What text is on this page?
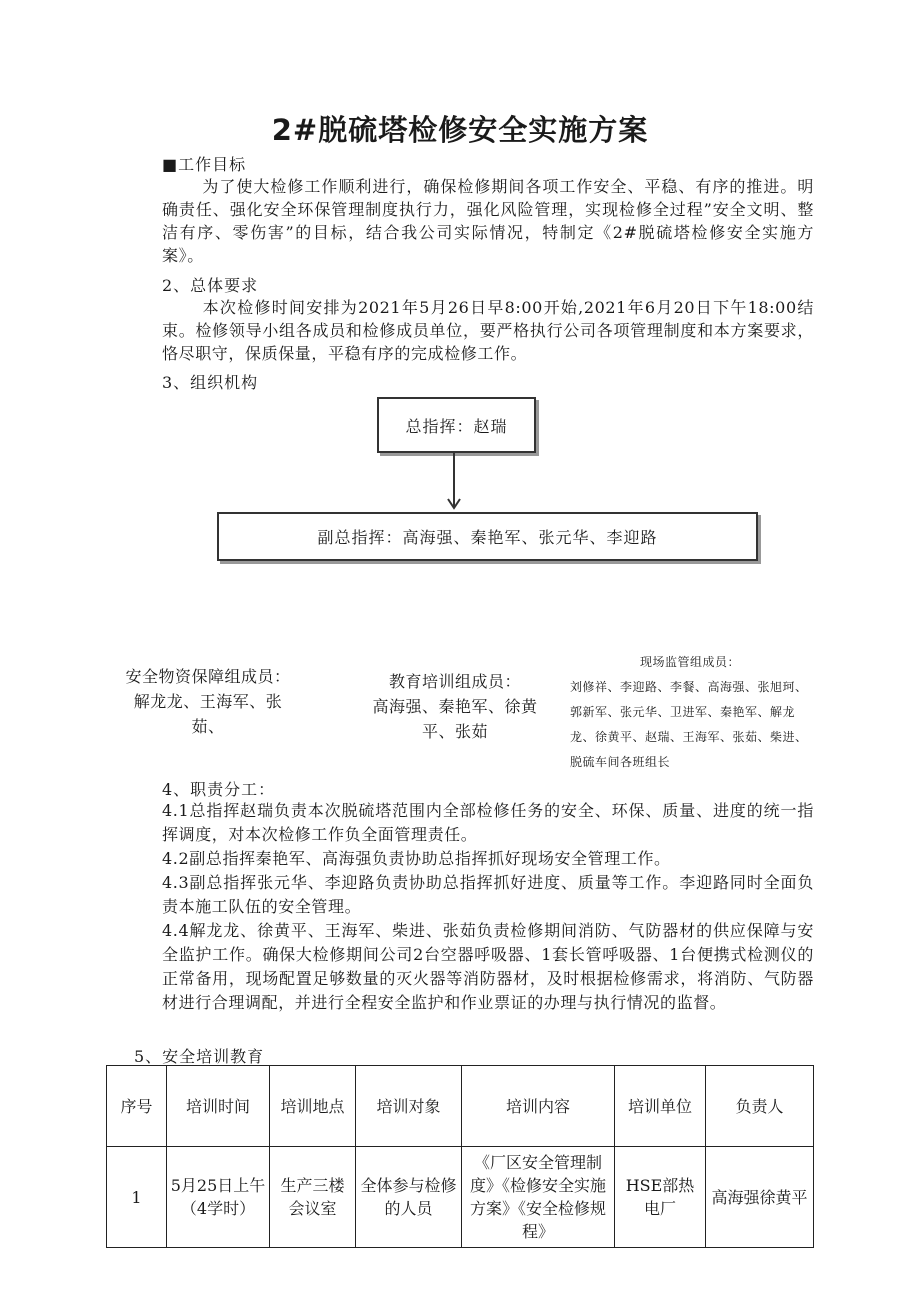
2#脱硫塔检修安全实施方案
■工作目标
为了使大检修工作顺利进行，确保检修期间各项工作安全、平稳、有序的推进。明确责任、强化安全环保管理制度执行力，强化风险管理，实现检修全过程”安全文明、整洁有序、零伤害”的目标，结合我公司实际情况，特制定《2#脱硫塔检修安全实施方案》。
2、总体要求
本次检修时间安排为2021年5月26日早8:00开始,2021年6月20日下午18:00结束。检修领导小组各成员和检修成员单位，要严格执行公司各项管理制度和本方案要求，恪尽职守，保质保量，平稳有序的完成检修工作。
3、组织机构
总指挥：赵瑞
副总指挥：高海强、秦艳军、张元华、李迎路
安全物资保障组成员：
解龙龙、王海军、张茹、
教育培训组成员：
高海强、秦艳军、徐黄平、张茹
现场监管组成员：
刘修祥、李迎路、李餐、高海强、张旭珂、郭新军、张元华、卫进军、秦艳军、解龙龙、徐黄平、赵瑞、王海军、张茹、柴进、脱硫车间各班组长
4、职责分工：
4.1总指挥赵瑞负责本次脱硫塔范围内全部检修任务的安全、环保、质量、进度的统一指挥调度，对本次检修工作负全面管理责任。
4.2副总指挥秦艳军、高海强负责协助总指挥抓好现场安全管理工作。
4.3副总指挥张元华、李迎路负责协助总指挥抓好进度、质量等工作。李迎路同时全面负责本施工队伍的安全管理。
4.4解龙龙、徐黄平、王海军、柴进、张茹负责检修期间消防、气防器材的供应保障与安全监护工作。确保大检修期间公司2台空器呼吸器、1套长管呼吸器、1台便携式检测仪的正常备用，现场配置足够数量的灭火器等消防器材，及时根据检修需求，将消防、气防器材进行合理调配，并进行全程安全监护和作业票证的办理与执行情况的监督。
5、安全培训教育
序号	培训时间	培训地点	培训对象	培训内容	培训单位	负责人
1	5月25日上午（4学时）	生产三楼会议室	全体参与检修的人员	《厂区安全管理制度》《检修安全实施方案》《安全检修规程》	HSE部热电厂	高海强徐黄平
